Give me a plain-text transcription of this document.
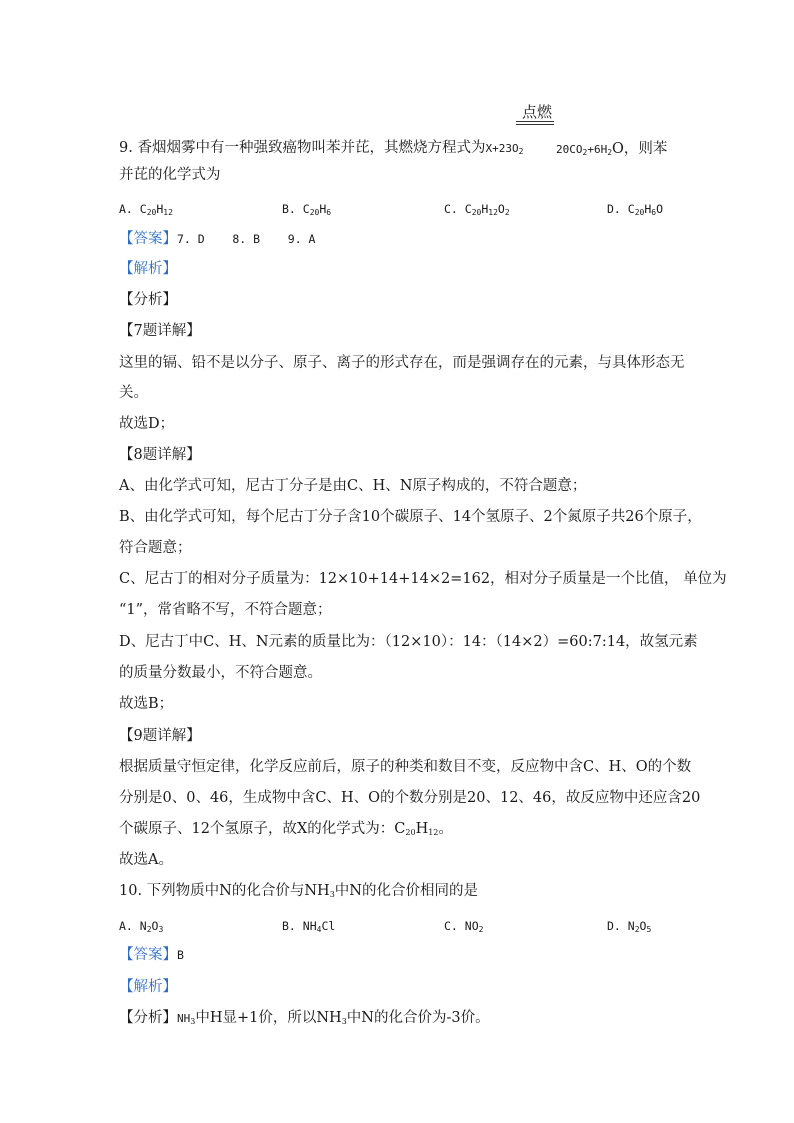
点燃
9. 香烟烟雾中有一种强致癌物叫苯并芘，其燃烧方程式为$X+23O_2$	$20CO_2+6H_2O$，则苯
并芘的化学式为
A. $C_{20}H_{12}$	B. $C_{20}H_6$	C. $C_{20}H_{12}O_2$	D. $C_{20}H_6O$
【答案】7. D    8. B    9. A
【解析】
【分析】
【7题详解】
这里的镉、铅不是以分子、原子、离子的形式存在，而是强调存在的元素，与具体形态无
关。
故选D；
【8题详解】
A、由化学式可知，尼古丁分子是由C、H、N原子构成的，不符合题意；
B、由化学式可知，每个尼古丁分子含10个碳原子、14个氢原子、2个氮原子共26个原子，
符合题意；
C、尼古丁的相对分子质量为：12×10+14+14×2=162，相对分子质量是一个比值， 单位为
“1”，常省略不写，不符合题意；
D、尼古丁中C、H、N元素的质量比为：（12×10）：14：（14×2）=60:7:14，故氢元素
的质量分数最小，不符合题意。
故选B；
【9题详解】
根据质量守恒定律，化学反应前后，原子的种类和数目不变，反应物中含C、H、O的个数
分别是0、0、46，生成物中含C、H、O的个数分别是20、12、46，故反应物中还应含20
个碳原子、12个氢原子，故X的化学式为：$C_{20}H_{12}$。
故选A。
10. 下列物质中N的化合价与$NH_3$中N的化合价相同的是
A. $N_2O_3$	B. $NH_4Cl$	C. $NO_2$	D. $N_2O_5$
【答案】B
【解析】
【分析】$NH_3$中H显+1价，所以$NH_3$中N的化合价为-3价。
